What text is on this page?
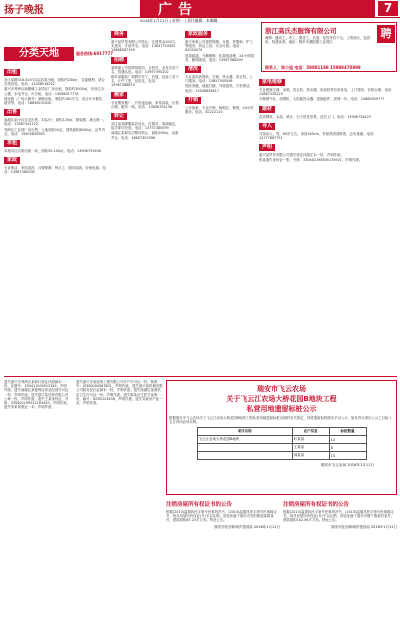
扬子晚报	广告	7
2016年1月11日 | 星期一 | 责任编辑：米璐璐
分类天地	服务热线:6917777
出租

市区某路018-520平2层店面出租，面积约200㎡，交通便利，适合各类经营。电话：13358516252

嘉兴市秀洲区新塍镇工业园区厂房出租，面积约3000㎡，有独立办公楼，水电齐全，可分租。电话：13586317776

城北路（广场大厦旁）商铺出租，面积约180平方，适合开办餐饮、超市等。电话：18658231520

出售

南湖区某小区住宅出售，3室2厅，面积120㎡，精装修，满五唯一。电话：13567341122

秀洲区工业园厂房出售，土地面积10亩，建筑面积8000㎡，证件齐全。电话：15905835563

求租

求租市区沿街店面一间，面积50-100㎡。电话：13906731908

家政

专业保洁、家电清洗、月嫂保姆、钟点工，服务周到，价格优惠。电话：13967380208

商务

嘉兴某贸易有限公司转让，注册资金100万，无债务，手续齐全。电话：13857703552 15868367199

招聘

某物流公司招聘驾驶员、仓管员、业务员若干名，待遇从优。电话：13957390202

桐乡某服装厂招聘平车工、后道、包装工若干名，计件工资，包吃住。电话：15967388879

搬家

专业搬家搬厂、长短途运输、家具拆装，价格合理，服务一流。电话：13806705158

转让

市区某品牌服装店转让，位置好，客源稳定，接手即可经营。电话：13757385099

南湖区某餐饮店整体转让，面积200㎡，设备齐全。电话：18657303396

家政服务

嘉兴家政公司提供保姆、月嫂、育婴师、护工等服务，持证上岗，安全可靠。电话：82050070

管道疏通、马桶维修、化粪池清理，24小时服务，随叫随到。电话：13967368299

清洗

专业清洗油烟机、空调、热水器、洗衣机，上门服务。电话：15857305556

瓷砖美缝、地板打蜡、外墙清洗、开荒保洁。电话：13506839617

开锁

公安备案，专业开锁、换锁芯、修锁，24小时服务。电话：82222110

浙江高氏杰服饰有限公司	聘
诚聘：缝纫工、车工、熨烫工、后道、检验等若干名。工资面议，包食宿，待遇优厚。地址：桐乡市濮院镇工业园区
联系人：郑小姐 电话：58801188 15988470899
家电维修

专业维修空调、冰箱、洗衣机、热水器、电视机等各类家电，上门服务，价格合理。电话：13867330219

专修燃气灶、油烟机、太阳能热水器，更换配件，质保一年。电话：15869309777

建材

各类钢材、水泥、黄沙、石子批发零售，送货上门。电话：13906734425

寻人

寻找亲人，男，60岁左右，身高165cm，有知情者请联系，必有重谢。电话：13777867751

声明

嘉兴某贸易有限公司遗失营业执照正本一份，声明作废。

张某遗失身份证一张，号码：330402198505170921，声明作废。

遗失嘉兴市秀洲区某商行营业执照副本一份，注册号：330411000012345，声明作废。遗失南湖区某便利店食品经营许可证一份，声明作废。遗失浙江某纺织有限公司公章一枚，声明作废。遗失王某身份证，号码：330402199012163420，声明作废。遗失李某驾驶证一本，声明作废。
遗失嘉兴市某装饰工程有限公司开户许可证一份，核准号：J3350004567801，声明作废。遗失嘉兴某机械有限公司税务登记证副本一份，声明作废。遗失南湖区某餐饮店卫生许可证一份，声明作废。遗失陈某出生医学证明一份，编号：N330123456，声明作废。遗失刘某房产证一本，声明作废。
瑞安市飞云农场
关于飞云江农场大桥花园B地块工程
私营用地遗留标桩公示
根据瑞安市飞云农场关于飞云江农场大桥花园B地块工程私营用地遗留标桩处理的有关规定，现将遗留标桩情况予以公示，如有异议请在公示之日起十五日内向农场反映。
项目名称	农户信息	标桩数量
飞云江农场大桥花园B地块	叶某某	12
	王某某	8
	林某某	15
瑞安市飞云农场 2016年1月11日
注销房屋所有权证书的公告
根据(2013)温瑞执民字第号民事判决书，(2013)温瑞执民字第号民事裁定书，现对房屋所有权证(号)予以注销。房屋坐落于瑞安市安阳街道某路某号，建筑面积87.23平方米。特此公告。
瑞安市住房和城乡建设局 2016年1月11日
注销房屋所有权证书的公告
根据(2013)温瑞执民字第号民事判决书，(2013)温瑞执民字第号民事裁定书，现对房屋所有权证(号)予以注销。房屋坐落于瑞安市塘下镇某村某号，建筑面积102.56平方米。特此公告。
瑞安市住房和城乡建设局 2016年1月11日
